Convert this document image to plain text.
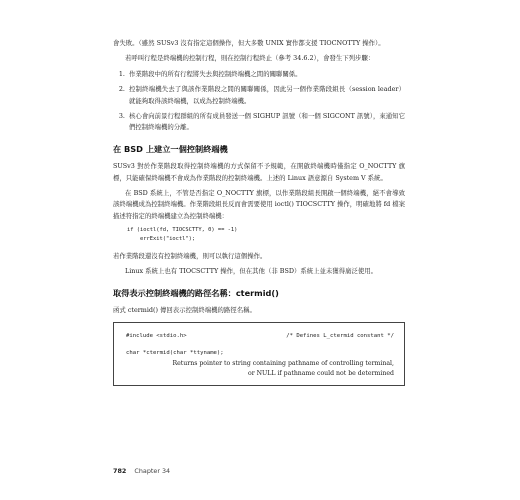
會失敗。（雖然 SUSv3 沒有指定這個操作，但大多數 UNIX 實作都支援 TIOCNOTTY 操作）。

若呼叫行程是終端機的控制行程，則在控制行程終止（參考 34.6.2），會發生下列步驟：

1. 作業階段中的所有行程將失去與控制終端機之間的關聯關係。
2. 控制終端機失去了與該作業階段之間的關聯關係，因此另一個作業階段組長（session leader）就能夠取得該終端機，以成為控制終端機。
3. 核心會向前景行程群組的所有成員發送一個 SIGHUP 訊號（和一個 SIGCONT 訊號），來通知它們控制終端機的分離。
在 BSD 上建立一個控制終端機

SUSv3 對於作業階段取得控制終端機的方式保留不予規範，在開啟終端機時僅指定 O_NOCTTY 旗標，只能確保終端機不會成為作業階段的控制終端機。上述的 Linux 語意源自 System V 系統。

在 BSD 系統上，不管是否指定 O_NOCTTY 旗標，以作業階段組長開啟一個終端機，絕不會導致該終端機成為控制終端機。作業階段組長反而會需要使用 ioctl() TIOCSCTTY 操作，明確地將 fd 檔案描述符指定的終端機建立為控制終端機：

if (ioctl(fd, TIOCSCTTY, 0) == -1)
errExit("ioctl");

若作業階段還沒有控制終端機，則可以執行這個操作。

Linux 系統上也有 TIOCSCTTY 操作，但在其他（非 BSD）系統上並未獲得廣泛使用。

取得表示控制終端機的路徑名稱：ctermid()

函式 ctermid() 傳回表示控制終端機的路徑名稱。

#include <stdio.h>	/* Defines L_ctermid constant */
char *ctermid(char *ttyname);
Returns pointer to string containing pathname of controlling terminal,
or NULL if pathname could not be determined
782 Chapter 34
